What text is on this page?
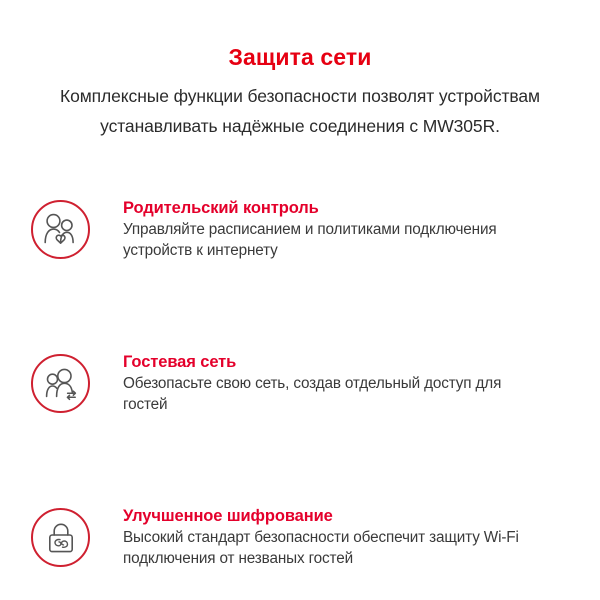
Защита сети

Комплексные функции безопасности позволят устройствам
устанавливать надёжные соединения с MW305R.

Родительский контроль

Управляйте расписанием и политиками подключения
устройств к интернету

Гостевая сеть

Обезопасьте свою сеть, создав отдельный доступ для
гостей

Улучшенное шифрование

Высокий стандарт безопасности обеспечит защиту Wi-Fi
подключения от незваных гостей
